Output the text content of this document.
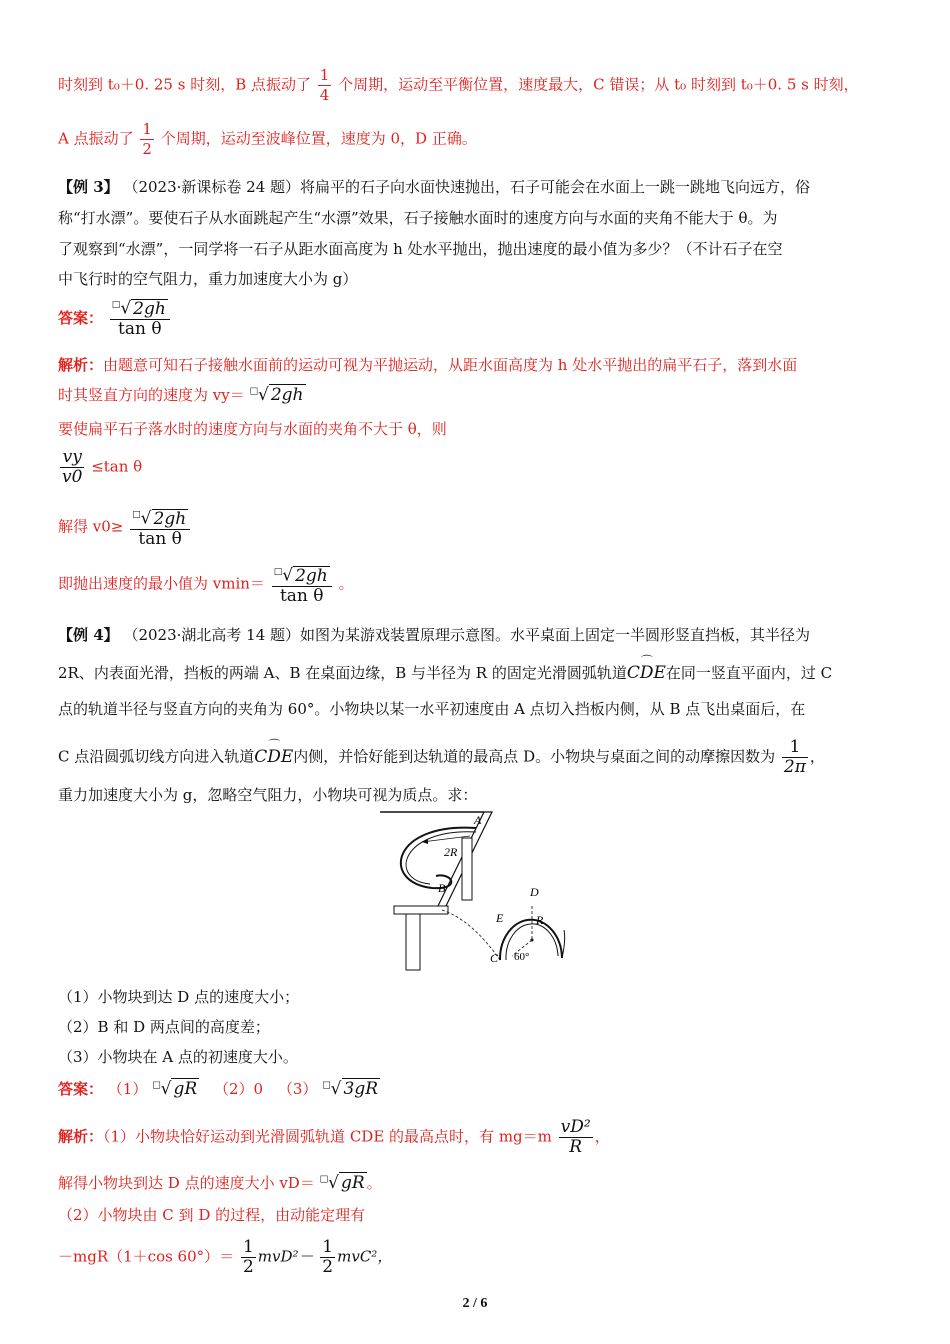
时刻到 t₀＋0. 25 s 时刻，B 点振动了 $\frac{1}{4}$ 个周期，运动至平衡位置，速度最大，C 错误；从 t₀ 时刻到 t₀＋0. 5 s 时刻，
A 点振动了 $\frac{1}{2}$ 个周期，运动至波峰位置，速度为 0，D 正确。
【例 3】 （2023·新课标卷 24 题）将扁平的石子向水面快速抛出，石子可能会在水面上一跳一跳地飞向远方，俗
称“打水漂”。要使石子从水面跳起产生“水漂”效果，石子接触水面时的速度方向与水面的夹角不能大于 θ。为
了观察到“水漂”，一同学将一石子从距水面高度为 h 处水平抛出，抛出速度的最小值为多少？（不计石子在空
中飞行时的空气阻力，重力加速度大小为 g）
答案： $\frac{^□√ 2gh}{\text{tan θ}}$
解析：由题意可知石子接触水面前的运动可视为平抛运动，从距水面高度为 h 处水平抛出的扁平石子，落到水面
时其竖直方向的速度为 vy＝ □√ 2gh
要使扁平石子落水时的速度方向与水面的夹角不大于 θ，则
$\frac{vy}{v0} \le\tan$ θ
解得 $v0\ge \frac{^□√ 2gh}{\text{tan θ}}$
即抛出速度的最小值为 $vmin= \frac{^□√ 2gh}{\text{tan θ}}$ 。
【例 4】 （2023·湖北高考 14 题）如图为某游戏装置原理示意图。水平桌面上固定一半圆形竖直挡板，其半径为
2R、内表面光滑，挡板的两端 A、B 在桌面边缘，B 与半径为 R 的固定光滑圆弧轨道⌒ CDE在同一竖直平面内，过 C
点的轨道半径与竖直方向的夹角为 60°。小物块以某一水平初速度由 A 点切入挡板内侧，从 B 点飞出桌面后，在
C 点沿圆弧切线方向进入轨道⌒ CDE内侧，并恰好能到达轨道的最高点 D。小物块与桌面之间的动摩擦因数为 $\frac{1}{2\pi}$ ，
重力加速度大小为 g，忽略空气阻力，小物块可视为质点。求：
A
2R
B	D
E	R
C 60°
（1）小物块到达 D 点的速度大小；
（2）B 和 D 两点间的高度差；
（3）小物块在 A 点的初速度大小。
答案： （1） □√ gR （2）0 （3） □√ 3gR
解析：（1）小物块恰好运动到光滑圆弧轨道 CDE 的最高点时，有 $mg=m \frac{\text{vD²}}{R}$ ，
解得小物块到达 D 点的速度大小 vD＝ □√ gR 。
（2）小物块由 C 到 D 的过程，由动能定理有
－mgR（1＋cos $60^\circ)= \frac{1}{2} mvD^2- \frac{1}{2} mvC^2$，
2 / 6
